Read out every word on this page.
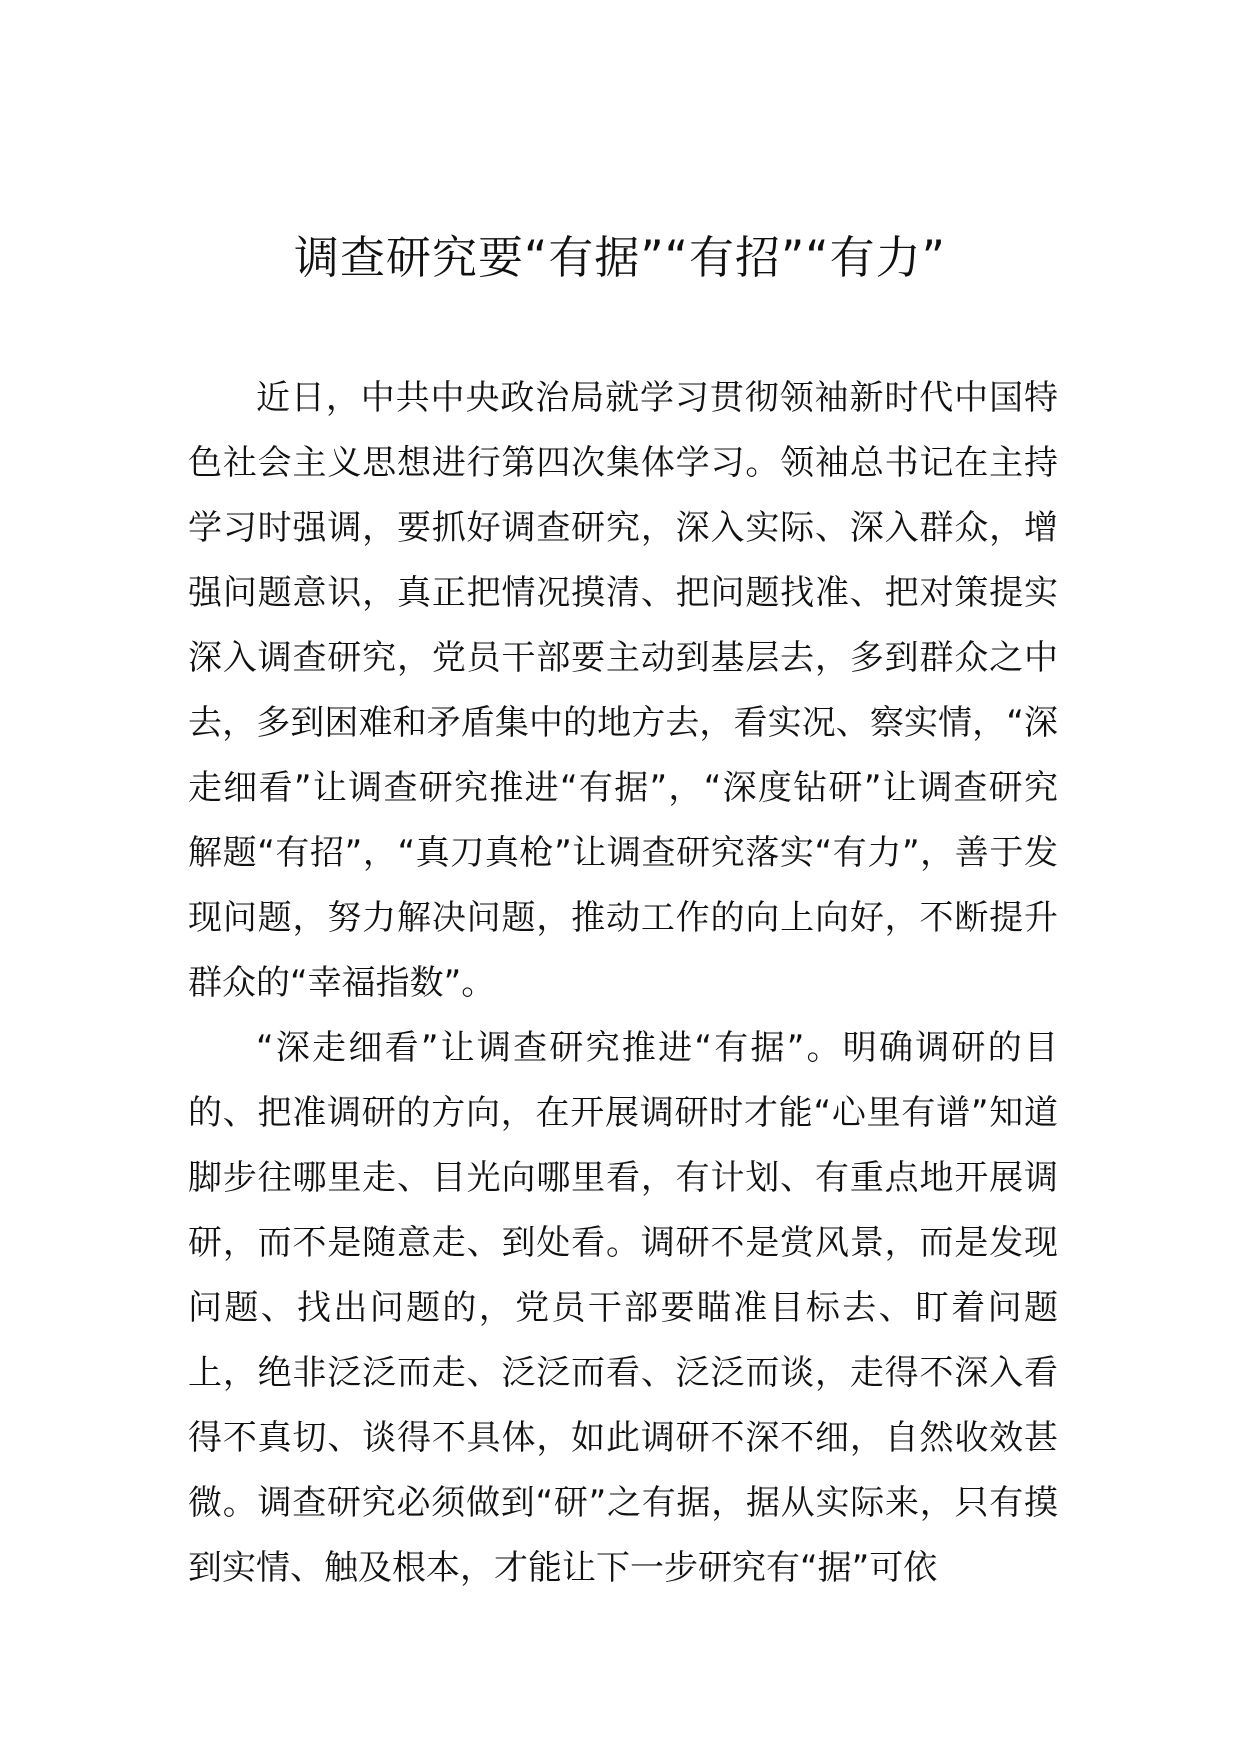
调查研究要“有据”“有招”“有力”

近日，中共中央政治局就学习贯彻领袖新时代中国特色社会主义思想进行第四次集体学习。领袖总书记在主持学习时强调，要抓好调查研究，深入实际、深入群众，增强问题意识，真正把情况摸清、把问题找准、把对策提实深入调查研究，党员干部要主动到基层去，多到群众之中去，多到困难和矛盾集中的地方去，看实况、察实情，“深走细看”让调查研究推进“有据”，“深度钻研”让调查研究解题“有招”，“真刀真枪”让调查研究落实“有力”，善于发现问题，努力解决问题，推动工作的向上向好，不断提升群众的“幸福指数”。

“深走细看”让调查研究推进“有据”。明确调研的目的、把准调研的方向，在开展调研时才能“心里有谱”知道脚步往哪里走、目光向哪里看，有计划、有重点地开展调研，而不是随意走、到处看。调研不是赏风景，而是发现问题、找出问题的，党员干部要瞄准目标去、盯着问题上，绝非泛泛而走、泛泛而看、泛泛而谈，走得不深入看得不真切、谈得不具体，如此调研不深不细，自然收效甚微。调查研究必须做到“研”之有据，据从实际来，只有摸到实情、触及根本，才能让下一步研究有“据”可依
